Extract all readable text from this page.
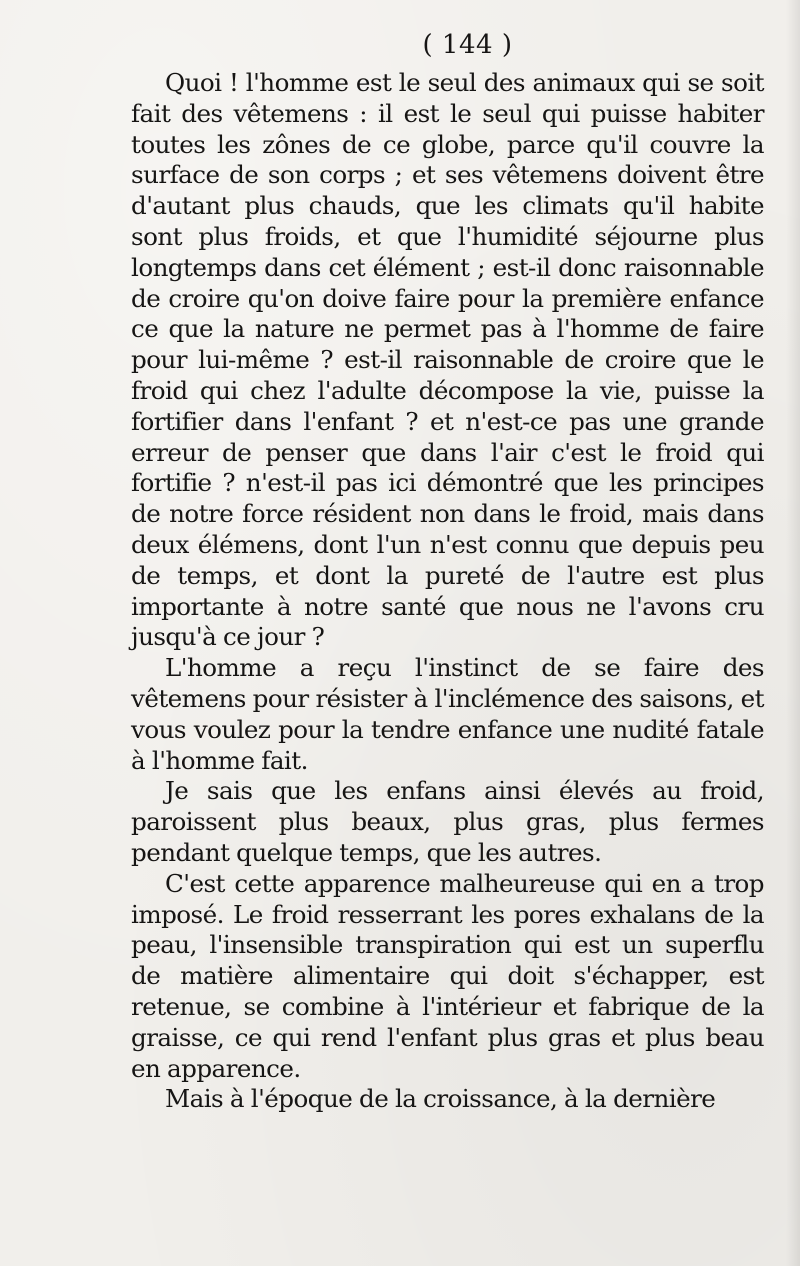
( 144 )

Quoi ! l'homme est le seul des animaux qui se soit fait des vêtemens : il est le seul qui puisse habiter toutes les zônes de ce globe, parce qu'il couvre la surface de son corps ; et ses vêtemens doivent être d'autant plus chauds, que les climats qu'il habite sont plus froids, et que l'humidité séjourne plus longtemps dans cet élément ; est-il donc raisonnable de croire qu'on doive faire pour la première enfance ce que la nature ne permet pas à l'homme de faire pour lui-même ? est-il raisonnable de croire que le froid qui chez l'adulte décompose la vie, puisse la fortifier dans l'enfant ? et n'est-ce pas une grande erreur de penser que dans l'air c'est le froid qui fortifie ? n'est-il pas ici démontré que les principes de notre force résident non dans le froid, mais dans deux élémens, dont l'un n'est connu que depuis peu de temps, et dont la pureté de l'autre est plus importante à notre santé que nous ne l'avons cru jusqu'à ce jour ?

L'homme a reçu l'instinct de se faire des vêtemens pour résister à l'inclémence des saisons, et vous voulez pour la tendre enfance une nudité fatale à l'homme fait.

Je sais que les enfans ainsi élevés au froid, paroissent plus beaux, plus gras, plus fermes pendant quelque temps, que les autres.

C'est cette apparence malheureuse qui en a trop imposé. Le froid resserrant les pores exhalans de la peau, l'insensible transpiration qui est un superflu de matière alimentaire qui doit s'échapper, est retenue, se combine à l'intérieur et fabrique de la graisse, ce qui rend l'enfant plus gras et plus beau en apparence.

Mais à l'époque de la croissance, à la dernière
